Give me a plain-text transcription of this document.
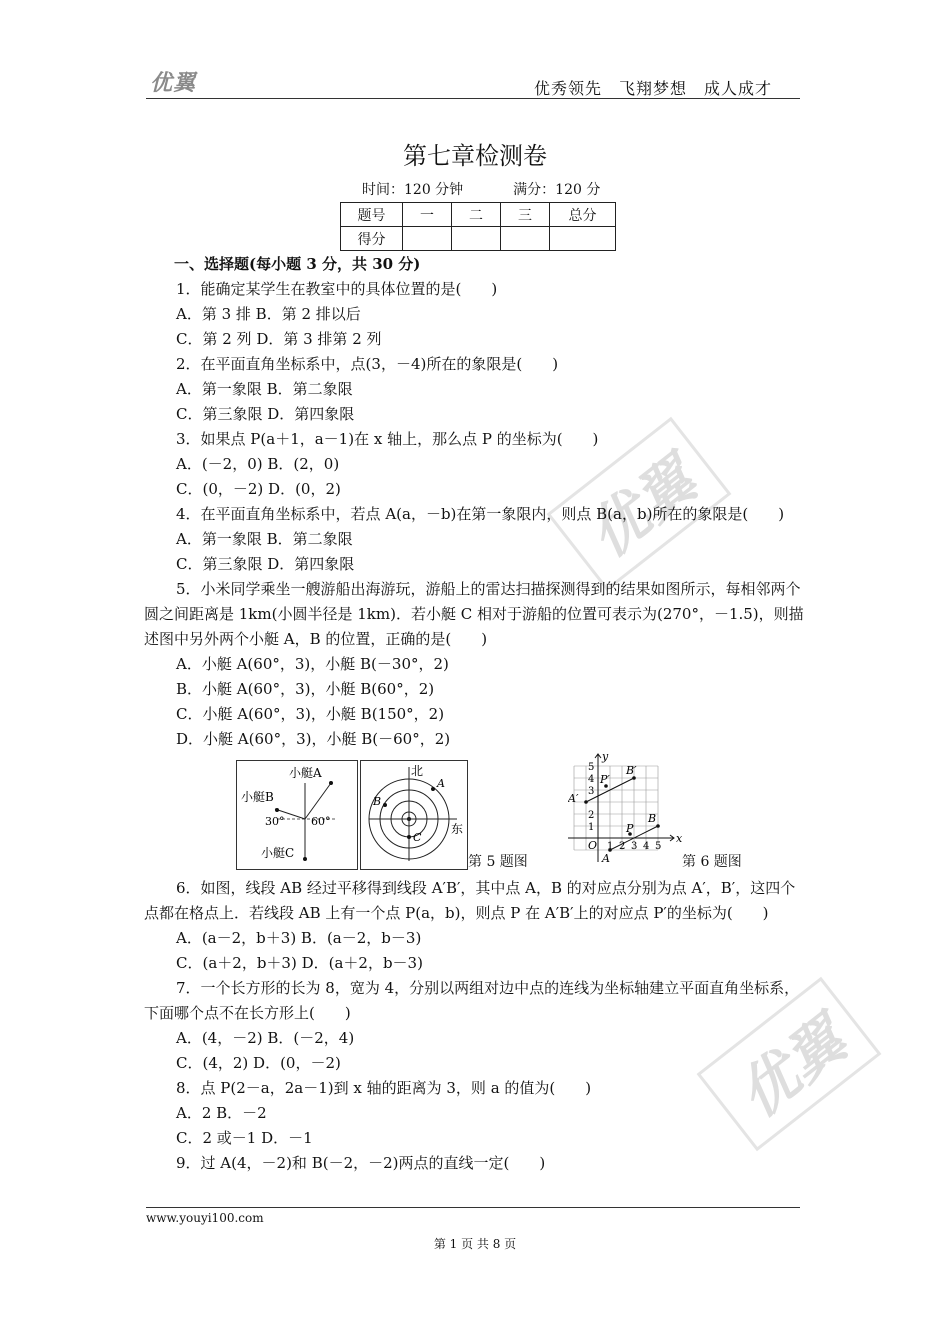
优翼	优秀领先　飞翔梦想　成人成才
优翼
优翼
第七章检测卷
时间：120 分钟	满分：120 分
题号	一	二	三	总分
得分				

一、选择题(每小题 3 分，共 30 分)

1．能确定某学生在教室中的具体位置的是(　　)

A．第 3 排 B．第 2 排以后

C．第 2 列 D．第 3 排第 2 列

2．在平面直角坐标系中，点(3，－4)所在的象限是(　　)

A．第一象限 B．第二象限

C．第三象限 D．第四象限

3．如果点 P(a＋1，a－1)在 x 轴上，那么点 P 的坐标为(　　)

A．(－2，0) B．(2，0)

C．(0，－2) D．(0，2)

4．在平面直角坐标系中，若点 A(a，－b)在第一象限内，则点 B(a，b)所在的象限是(　　)

A．第一象限 B．第二象限

C．第三象限 D．第四象限

5．小米同学乘坐一艘游船出海游玩，游船上的雷达扫描探测得到的结果如图所示，每相邻两个圆之间距离是 1km(小圆半径是 1km)．若小艇 C 相对于游船的位置可表示为(270°，－1.5)，则描述图中另外两个小艇 A，B 的位置，正确的是(　　)

A．小艇 A(60°，3)，小艇 B(－30°，2)

B．小艇 A(60°，3)，小艇 B(60°，2)

C．小艇 A(60°，3)，小艇 B(150°，2)

D．小艇 A(60°，3)，小艇 B(－60°，2)

小艇A
小艇B
小艇C
30° 60°
北
东
A
B
C
第 5 题图
y
x
O
5
4
3
2
1
1 2 3 4 5
P′
B′
A′
P
B
A	第 6 题图

6．如图，线段 AB 经过平移得到线段 A′B′，其中点 A，B 的对应点分别为点 A′，B′，这四个点都在格点上．若线段 AB 上有一个点 P(a，b)，则点 P 在 A′B′上的对应点 P′的坐标为(　　)

A．(a－2，b＋3) B．(a－2，b－3)

C．(a＋2，b＋3) D．(a＋2，b－3)

7．一个长方形的长为 8，宽为 4，分别以两组对边中点的连线为坐标轴建立平面直角坐标系，下面哪个点不在长方形上(　　)

A．(4，－2) B．(－2，4)

C．(4，2) D．(0，－2)

8．点 P(2－a，2a－1)到 x 轴的距离为 3，则 a 的值为(　　)

A．2 B．－2

C．2 或－1 D．－1

9．过 A(4，－2)和 B(－2，－2)两点的直线一定(　　)

www.youyi100.com
第 1 页 共 8 页
